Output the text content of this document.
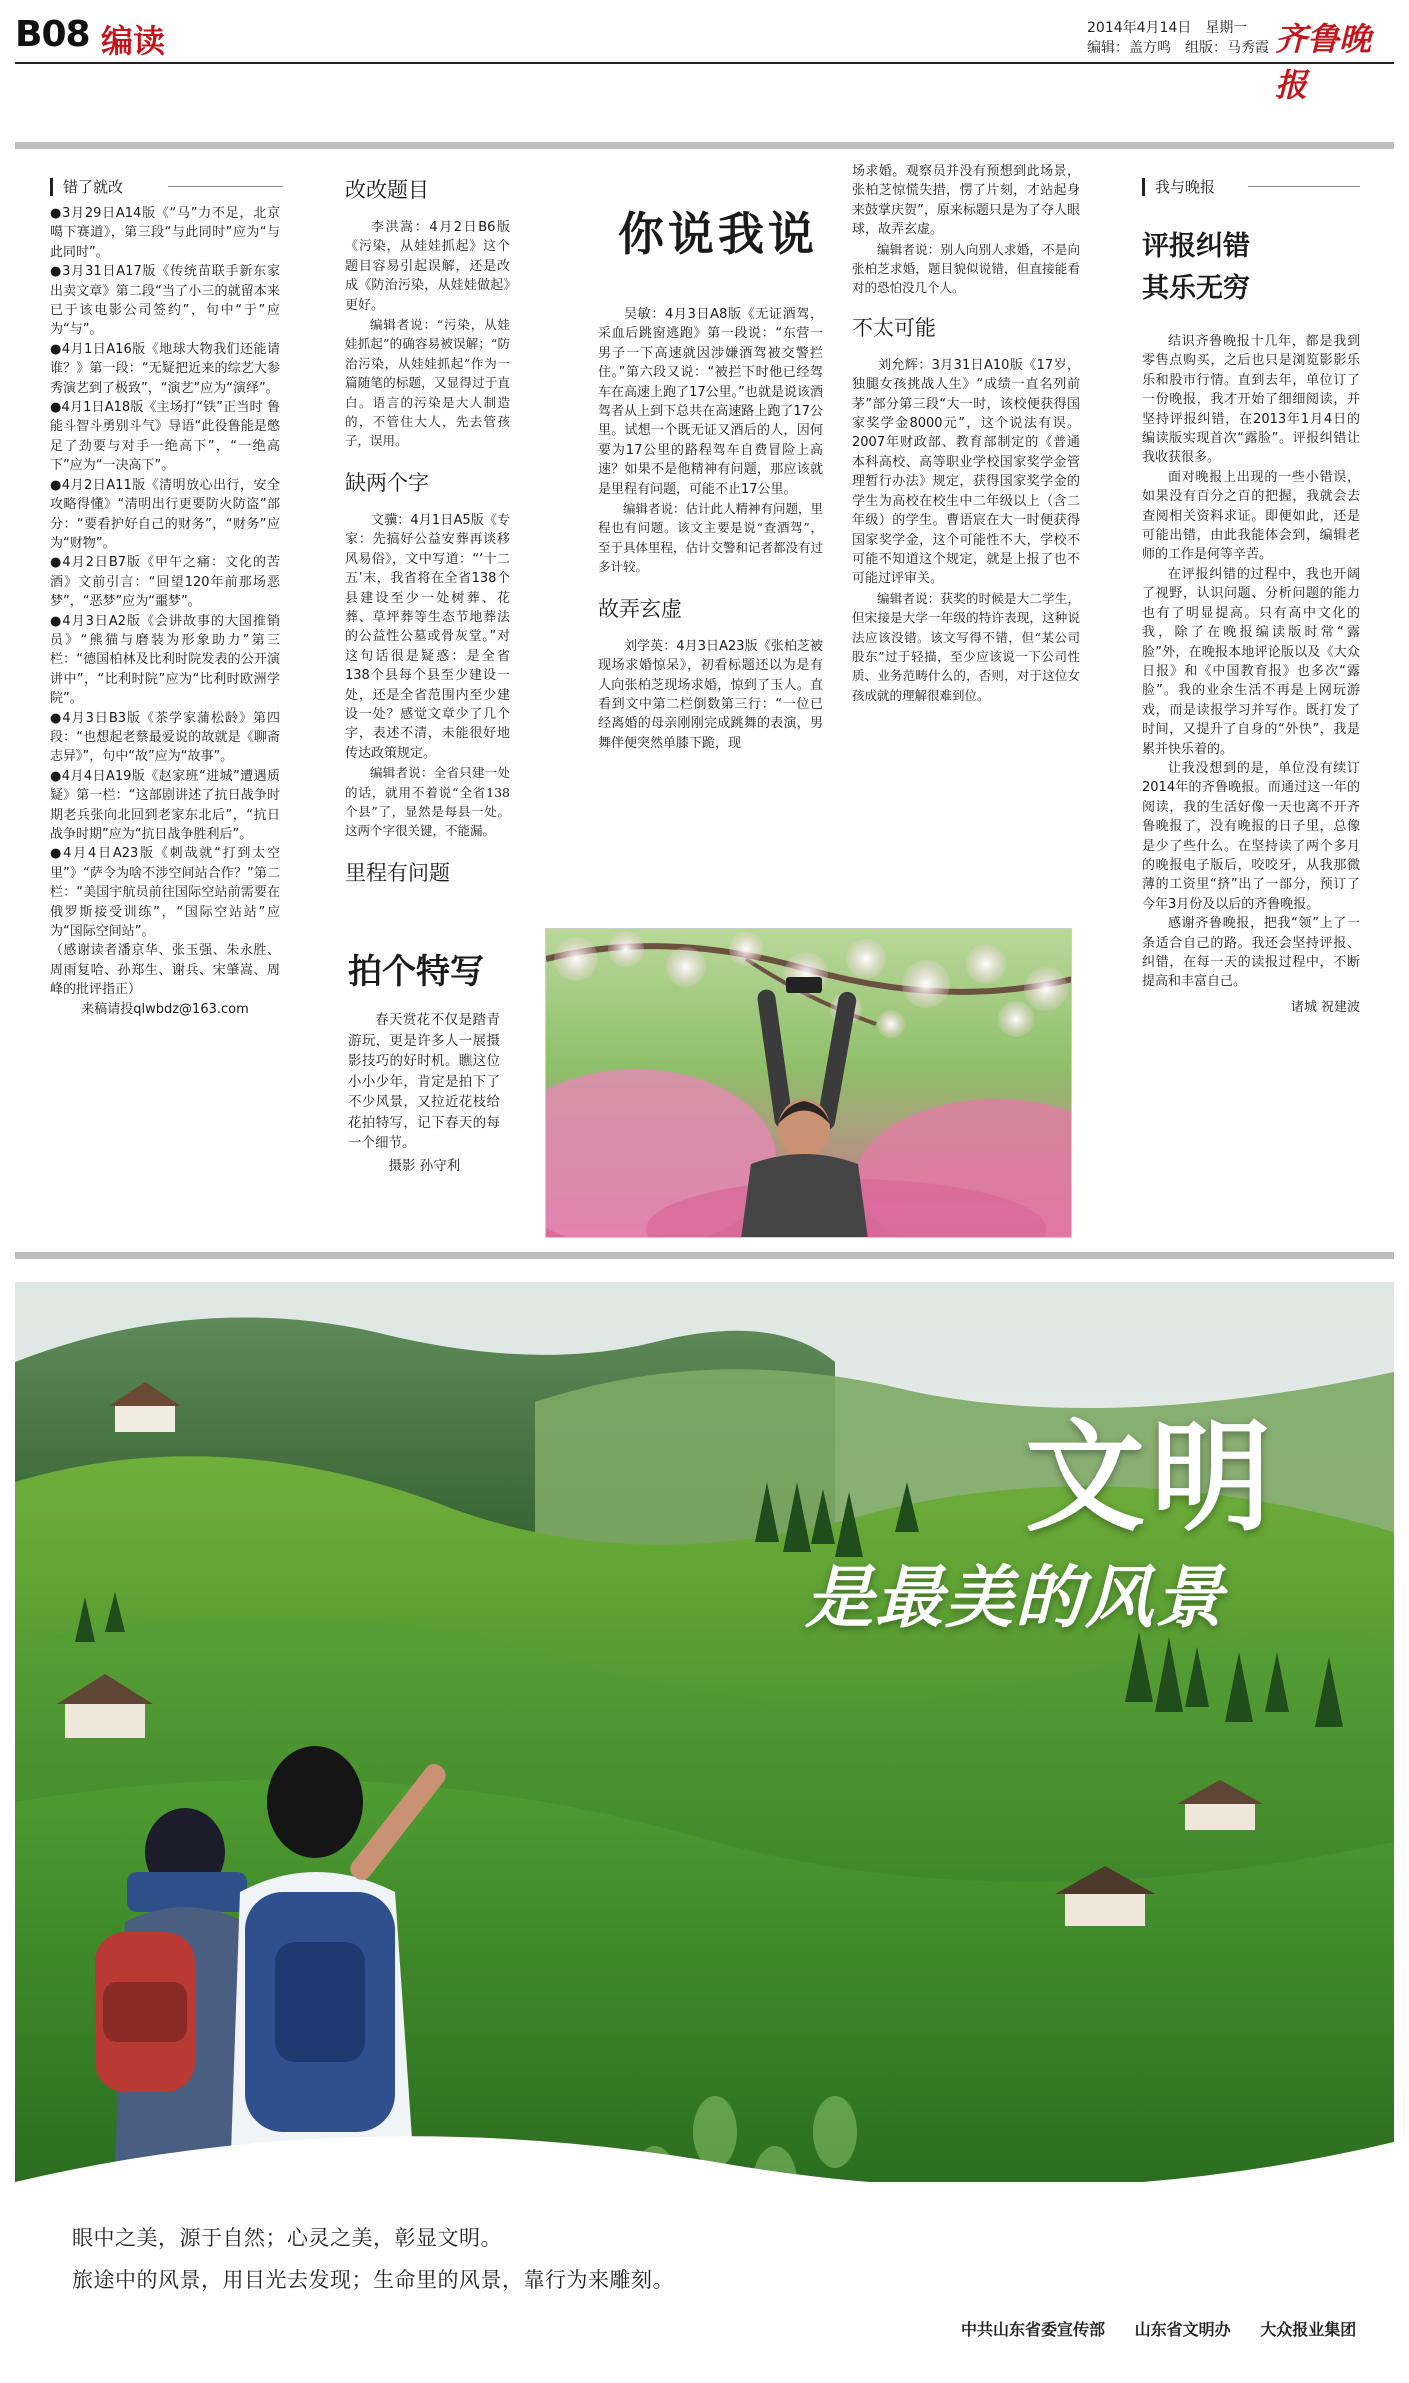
B08 编读	2014年4月14日 星期一
编辑：盖方鸣 组版：马秀霞 齐鲁晚报
错了就改

●3月29日A14版《“马”力不足，北京噶下赛道》，第三段“与此同时”应为“与此同时”。

●3月31日A17版《传统苗联手新东家出卖文章》第二段“当了小三的就留本来已于该电影公司签约”，句中“于”应为“与”。

●4月1日A16版《地球大物我们还能请谁？》第一段：“无疑把近来的综艺大参秀演艺到了极致”，“演艺”应为“演绎”。

●4月1日A18版《主场打“铁”正当时 鲁能斗智斗勇别斗气》导语“此役鲁能是憋足了劲要与对手一绝高下”，“一绝高下”应为“一决高下”。

●4月2日A11版《清明放心出行，安全攻略得懂》“清明出行更要防火防盗”部分：“要看护好自己的财务”，“财务”应为“财物”。

●4月2日B7版《甲午之痛：文化的苦酒》文前引言：“回望120年前那场恶梦”，“恶梦”应为“噩梦”。

●4月3日A2版《会讲故事的大国推销员》“熊猫与磨装为形象助力”第三栏：“德国柏林及比利时院发表的公开演讲中”，“比利时院”应为“比利时欧洲学院”。

●4月3日B3版《茶学家蒲松龄》第四段：“也想起老蔡最爱说的故就是《聊斋志异》”，句中“故”应为“故事”。

●4月4日A19版《赵家班“进城”遭遇质疑》第一栏：“这部剧讲述了抗日战争时期老兵张向北回到老家东北后”，“抗日战争时期”应为“抗日战争胜利后”。

●4月4日A23版《刺哉就“打到太空里”》“萨令为啥不涉空间站合作？”第二栏：“美国宇航员前往国际空站前需要在俄罗斯接受训练”，“国际空站站”应为“国际空间站”。

（感谢读者潘京华、张玉强、朱永胜、周雨复哈、孙郑生、谢兵、宋肇嵩、周峰的批评指正）

来稿请投qlwbdz@163.com

改改题目

李洪嵩：4月2日B6版《污染，从娃娃抓起》这个题目容易引起误解，还是改成《防治污染，从娃娃做起》更好。

编辑者说：“污染，从娃娃抓起”的确容易被误解；“防治污染，从娃娃抓起”作为一篇随笔的标题，又显得过于直白。语言的污染是大人制造的，不管住大人，先去管孩子，误用。

缺两个字

文骥：4月1日A5版《专家：先搞好公益安葬再谈移风易俗》，文中写道：“‘十二五’末，我省将在全省138个县建设至少一处树葬、花葬、草坪葬等生态节地葬法的公益性公墓或骨灰堂。”对这句话很是疑惑：是全省138个县每个县至少建设一处，还是全省范围内至少建设一处？感觉文章少了几个字，表述不清，未能很好地传达政策规定。

编辑者说：全省只建一处的话，就用不着说“全省138个县”了，显然是每县一处。这两个字很关键，不能漏。

里程有问题
你说我说

吴敏：4月3日A8版《无证酒驾，采血后跳窗逃跑》第一段说：“东营一男子一下高速就因涉嫌酒驾被交警拦住。”第六段又说：“被拦下时他已经驾车在高速上跑了17公里。”也就是说该酒驾者从上到下总共在高速路上跑了17公里。试想一个既无证又酒后的人，因何要为17公里的路程驾车自费冒险上高速？如果不是他精神有问题，那应该就是里程有问题，可能不止17公里。

编辑者说：估计此人精神有问题，里程也有问题。该文主要是说“查酒驾”，至于具体里程，估计交警和记者都没有过多计较。

故弄玄虚

刘学英：4月3日A23版《张柏芝被现场求婚惊呆》，初看标题还以为是有人向张柏芝现场求婚，惊到了玉人。直看到文中第二栏倒数第三行：“一位已经离婚的母亲刚刚完成跳舞的表演，男舞伴便突然单膝下跪，现

场求婚。观察员并没有预想到此场景，张柏芝惊慌失措，愣了片刻，才站起身来鼓掌庆贺”，原来标题只是为了夺人眼球，故弄玄虚。

编辑者说：别人向别人求婚，不是向张柏芝求婚，题目貌似说错，但直接能看对的恐怕没几个人。

不太可能

刘允辉：3月31日A10版《17岁，独腿女孩挑战人生》“成绩一直名列前茅”部分第三段“大一时，该校便获得国家奖学金8000元”，这个说法有误。2007年财政部、教育部制定的《普通本科高校、高等职业学校国家奖学金管理暂行办法》规定，获得国家奖学金的学生为高校在校生中二年级以上（含二年级）的学生。曹语宸在大一时便获得国家奖学金，这个可能性不大，学校不可能不知道这个规定，就是上报了也不可能过评审关。

编辑者说：获奖的时候是大二学生，但宋接是大学一年级的特许表现，这种说法应该没错。该文写得不错，但“某公司股东”过于轻描，至少应该说一下公司性质、业务范畴什么的，否则，对于这位女孩成就的理解很难到位。

我与晚报
评报纠错
其乐无穷

结识齐鲁晚报十几年，都是我到零售点购买，之后也只是浏览影影乐乐和股市行情。直到去年，单位订了一份晚报，我才开始了细细阅读，并坚持评报纠错，在2013年1月4日的编读版实现首次“露脸”。评报纠错让我收获很多。

面对晚报上出现的一些小错误，如果没有百分之百的把握，我就会去查阅相关资料求证。即便如此，还是可能出错，由此我能体会到，编辑老师的工作是何等辛苦。

在评报纠错的过程中，我也开阔了视野，认识问题、分析问题的能力也有了明显提高。只有高中文化的我，除了在晚报编读版时常“露脸”外，在晚报本地评论版以及《大众日报》和《中国教育报》也多次“露脸”。我的业余生活不再是上网玩游戏，而是读报学习并写作。既打发了时间，又提升了自身的“外快”，我是累并快乐着的。

让我没想到的是，单位没有续订2014年的齐鲁晚报。而通过这一年的阅读，我的生活好像一天也离不开齐鲁晚报了，没有晚报的日子里，总像是少了些什么。在坚持读了两个多月的晚报电子版后，咬咬牙，从我那微薄的工资里“挤”出了一部分，预订了今年3月份及以后的齐鲁晚报。

感谢齐鲁晚报，把我“领”上了一条适合自己的路。我还会坚持评报、纠错，在每一天的读报过程中，不断提高和丰富自己。

诸城 祝建波

拍个特写

春天赏花不仅是踏青游玩，更是许多人一展摄影技巧的好时机。瞧这位小小少年，肯定是拍下了不少风景，又拉近花枝给花拍特写，记下春天的每一个细节。

摄影 孙守利

文明
是最美的风景
眼中之美，源于自然；心灵之美，彰显文明。
旅途中的风景，用目光去发现；生命里的风景，靠行为来雕刻。
中共山东省委宣传部 山东省文明办 大众报业集团
